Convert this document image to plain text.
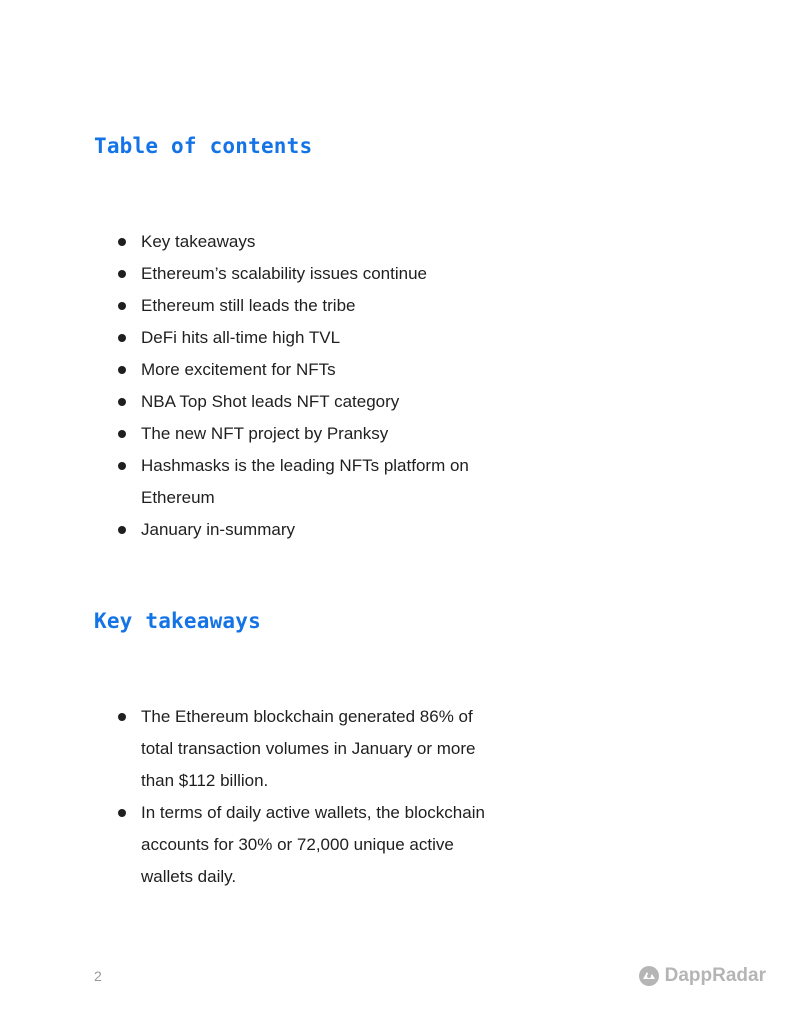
Table of contents
Key takeaways
Ethereum’s scalability issues continue
Ethereum still leads the tribe
DeFi hits all-time high TVL
More excitement for NFTs
NBA Top Shot leads NFT category
The new NFT project by Pranksy
Hashmasks is the leading NFTs platform on Ethereum
January in-summary
Key takeaways
The Ethereum blockchain generated 86% of total transaction volumes in January or more than $112 billion.
In terms of daily active wallets, the blockchain accounts for 30% or 72,000 unique active wallets daily.
2	DappRadar
